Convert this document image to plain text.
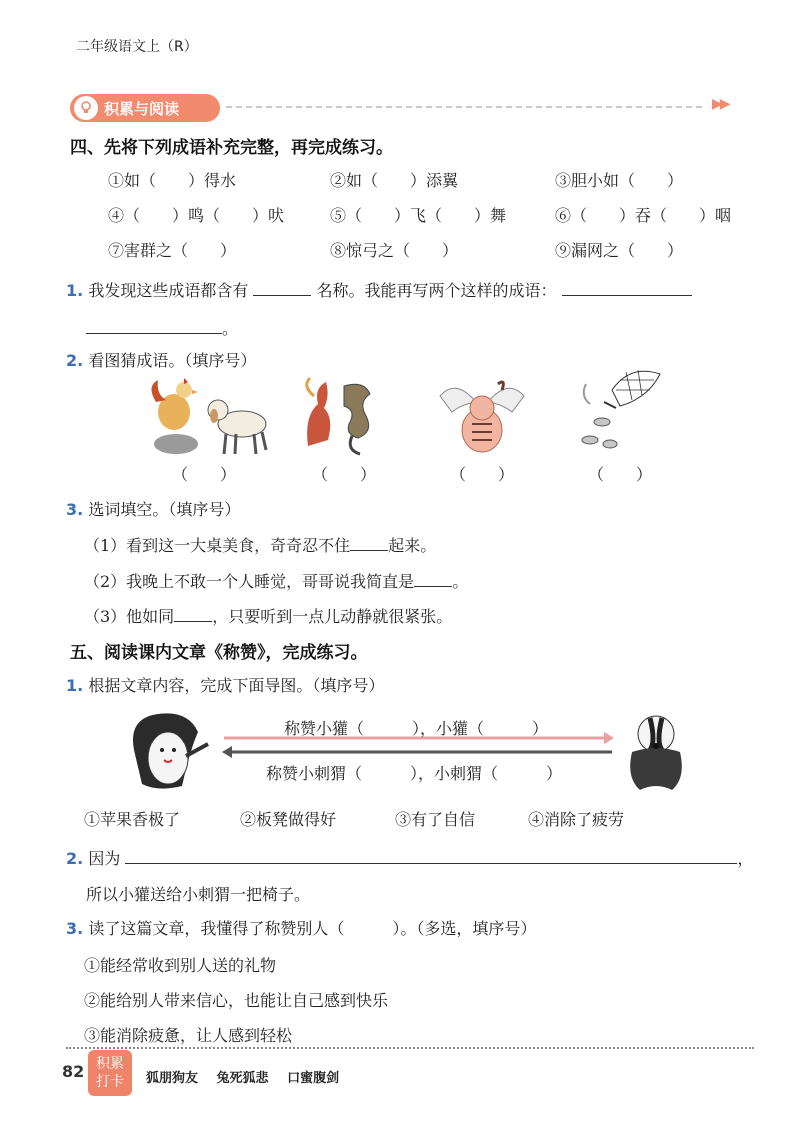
二年级语文上（R）
积累与阅读	▶▶
四、先将下列成语补充完整，再完成练习。
①如（　　）得水	②如（　　）添翼	③胆小如（　　）
④（　　）鸣（　　）吠	⑤（　　）飞（　　）舞	⑥（　　）吞（　　）咽
⑦害群之（　　）	⑧惊弓之（　　）	⑨漏网之（　　）
1. 我发现这些成语都含有	名称。我能再写两个这样的成语：
。
2. 看图猜成语。（填序号）
（　　）	（　　）	（　　）	（　　）
3. 选词填空。（填序号）
（1）看到这一大桌美食，奇奇忍不住 起来。
（2）我晚上不敢一个人睡觉，哥哥说我简直是 。
（3）他如同 ，只要听到一点儿动静就很紧张。
五、阅读课内文章《称赞》，完成练习。
1. 根据文章内容，完成下面导图。（填序号）
称赞小獾（　　　），小獾（　　　）
称赞小刺猬（　　　），小刺猬（　　　）
①苹果香极了	②板凳做得好	③有了自信	④消除了疲劳
2. 因为	，
所以小獾送给小刺猬一把椅子。
3. 读了这篇文章，我懂得了称赞别人（　　　）。（多选，填序号）
①能经常收到别人送的礼物
②能给别人带来信心，也能让自己感到快乐
③能消除疲惫，让人感到轻松
82 积累
打卡 狐朋狗友 兔死狐悲 口蜜腹剑
